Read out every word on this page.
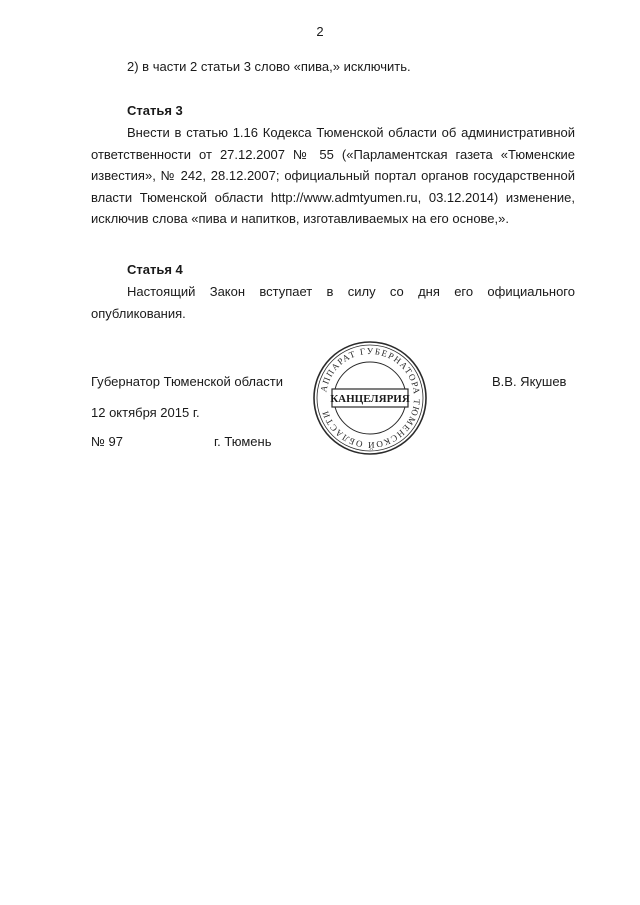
2
2) в части 2 статьи 3 слово «пива,» исключить.
Статья 3
Внести в статью 1.16 Кодекса Тюменской области об административной ответственности от 27.12.2007 № 55 («Парламентская газета «Тюменские известия», № 242, 28.12.2007; официальный портал органов государственной власти Тюменской области http://www.admtyumen.ru, 03.12.2014) изменение, исключив слова «пива и напитков, изготавливаемых на его основе,».
Статья 4
Настоящий Закон вступает в силу со дня его официального опубликования.
Губернатор Тюменской области	В.В. Якушев
12 октября 2015 г.
№ 97	г. Тюмень
АППАРАТ ГУБЕРНАТОРА ТЮМЕНСКОЙ ОБЛАСТИ
КАНЦЕЛЯРИЯ
